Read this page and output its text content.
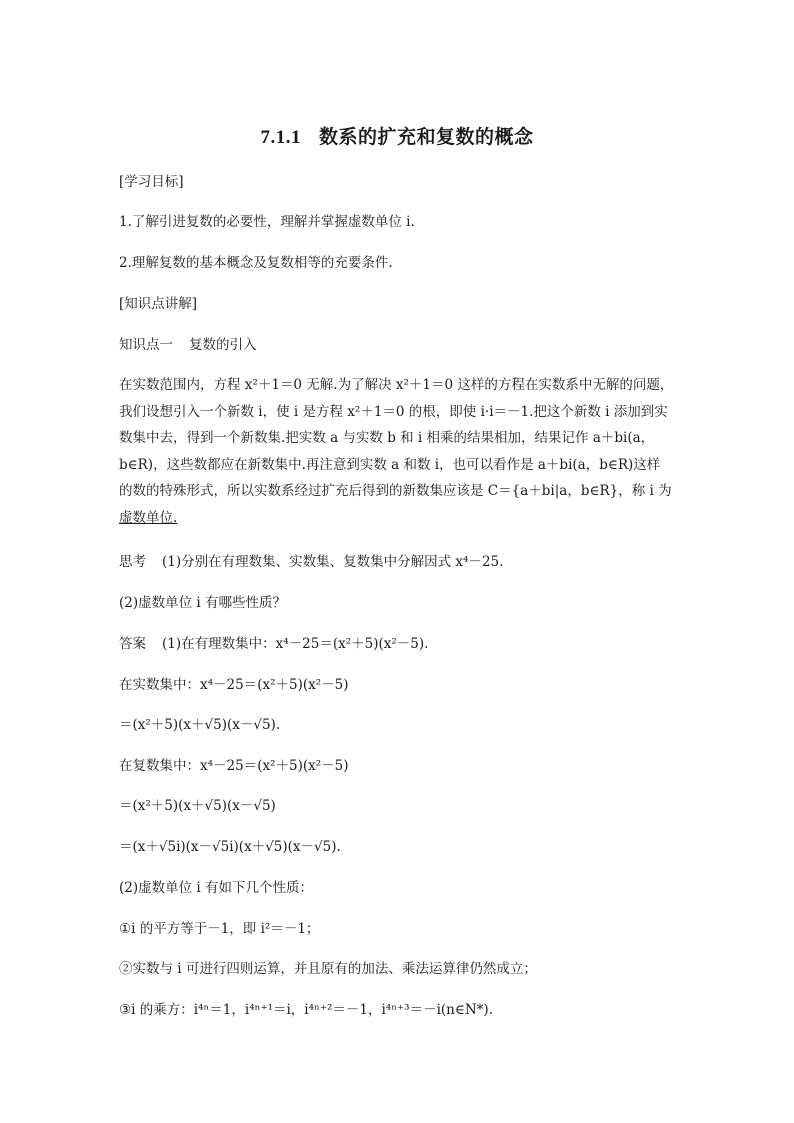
7.1.1 数系的扩充和复数的概念
[学习目标]
1.了解引进复数的必要性，理解并掌握虚数单位 i.
2.理解复数的基本概念及复数相等的充要条件.
[知识点讲解]
知识点一 复数的引入
在实数范围内，方程 x²＋1＝0 无解.为了解决 x²＋1＝0 这样的方程在实数系中无解的问题，
我们设想引入一个新数 i，使 i 是方程 x²＋1＝0 的根，即使 i·i＝－1.把这个新数 i 添加到实
数集中去，得到一个新数集.把实数 a 与实数 b 和 i 相乘的结果相加，结果记作 a＋bi(a，
b∈R)，这些数都应在新数集中.再注意到实数 a 和数 i，也可以看作是 a＋bi(a，b∈R)这样
的数的特殊形式，所以实数系经过扩充后得到的新数集应该是 C＝{a＋bi|a，b∈R}，称 i 为
虚数单位.
思考 (1)分别在有理数集、实数集、复数集中分解因式 x⁴－25.
(2)虚数单位 i 有哪些性质？
答案 (1)在有理数集中：x⁴－25＝(x²＋5)(x²－5).
在实数集中：x⁴－25＝(x²＋5)(x²－5)
＝(x²＋5)(x＋√5)(x－√5).
在复数集中：x⁴－25＝(x²＋5)(x²－5)
＝(x²＋5)(x＋√5)(x－√5)
＝(x＋√5i)(x－√5i)(x＋√5)(x－√5).
(2)虚数单位 i 有如下几个性质：
①i 的平方等于－1，即 i²＝－1；
②实数与 i 可进行四则运算，并且原有的加法、乘法运算律仍然成立；
③i 的乘方：i⁴ⁿ＝1，i⁴ⁿ⁺¹＝i，i⁴ⁿ⁺²＝－1，i⁴ⁿ⁺³＝－i(n∈N*).
